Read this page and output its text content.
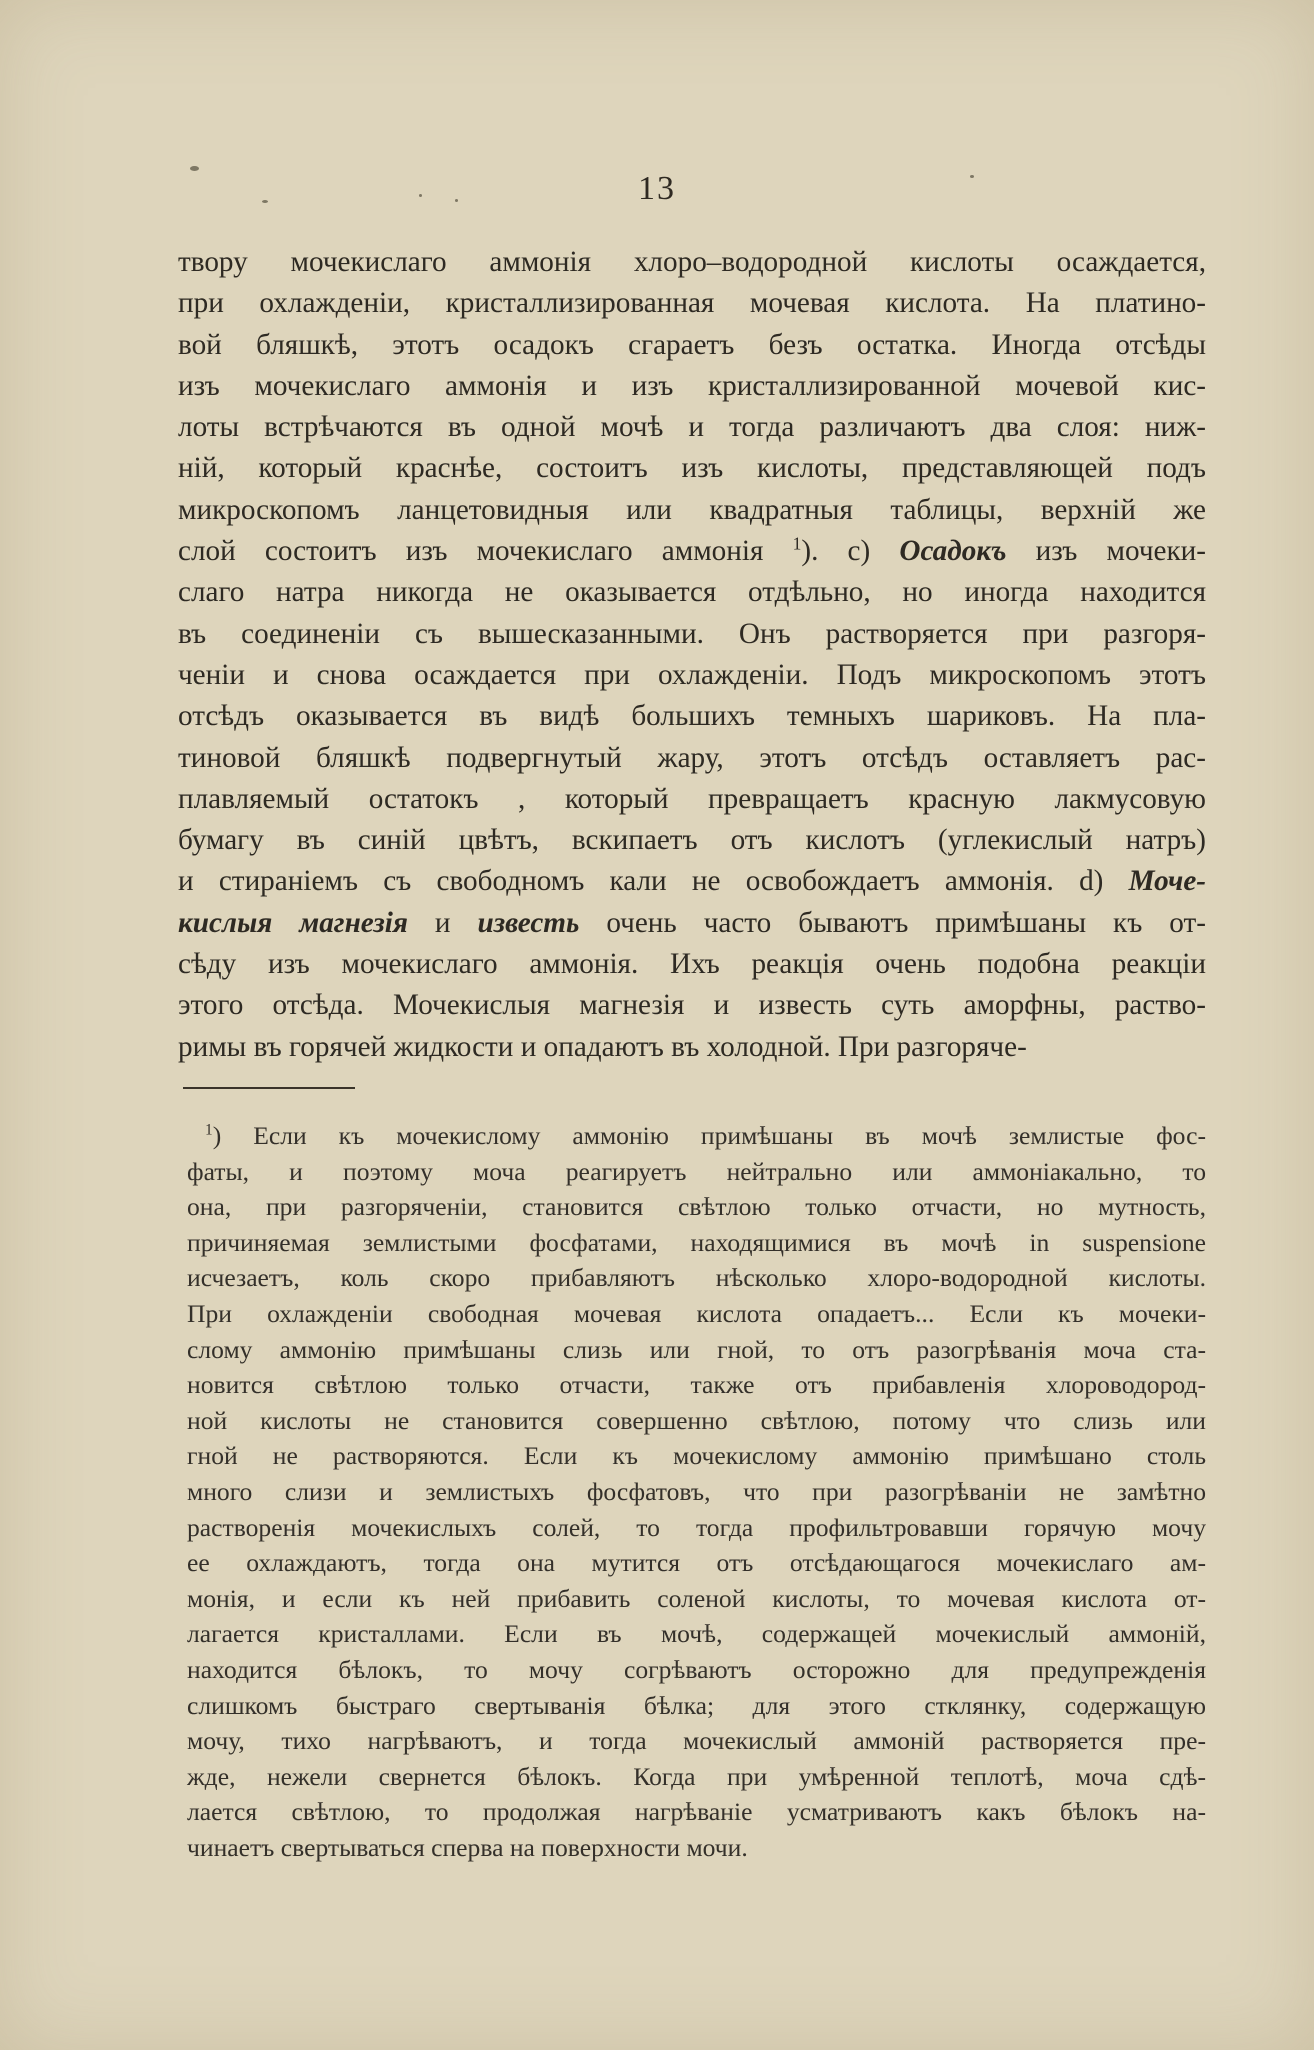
13
твору мочекислаго аммонія хлоро–водородной кислоты осаждается,
при охлажденіи, кристаллизированная мочевая кислота. На платино-
вой бляшкѣ, этотъ осадокъ сгараетъ безъ остатка. Иногда отсѣды
изъ мочекислаго аммонія и изъ кристаллизированной мочевой кис-
лоты встрѣчаются въ одной мочѣ и тогда различаютъ два слоя: ниж-
ній, который краснѣе, состоитъ изъ кислоты, представляющей подъ
микроскопомъ ланцетовидныя или квадратныя таблицы, верхній же
слой состоитъ изъ мочекислаго аммонія $^1$). с) Осадокъ изъ мочеки-
слаго натра никогда не оказывается отдѣльно, но иногда находится
въ соединеніи съ вышесказанными. Онъ растворяется при разгоря-
ченіи и снова осаждается при охлажденіи. Подъ микроскопомъ этотъ
отсѣдъ оказывается въ видѣ большихъ темныхъ шариковъ. На пла-
тиновой бляшкѣ подвергнутый жару, этотъ отсѣдъ оставляетъ рас-
плавляемый остатокъ , который превращаетъ красную лакмусовую
бумагу въ синій цвѣтъ, вскипаетъ отъ кислотъ (углекислый натръ)
и стираніемъ съ свободномъ кали не освобождаетъ аммонія. d) Моче-
кислыя магнезія и известь очень часто бываютъ примѣшаны къ от-
сѣду изъ мочекислаго аммонія. Ихъ реакція очень подобна реакціи
этого отсѣда. Мочекислыя магнезія и известь суть аморфны, раство-
римы въ горячей жидкости и опадаютъ въ холодной. При разгоряче-
$^1$) Если къ мочекислому аммонію примѣшаны въ мочѣ землистые фос-
фаты, и поэтому моча реагируетъ нейтрально или аммоніакально, то
она, при разгоряченіи, становится свѣтлою только отчасти, но мутность,
причиняемая землистыми фосфатами, находящимися въ мочѣ in suspensione
исчезаетъ, коль скоро прибавляютъ нѣсколько хлоро-водородной кислоты.
При охлажденіи свободная мочевая кислота опадаетъ... Если къ мочеки-
слому аммонію примѣшаны слизь или гной, то отъ разогрѣванія моча ста-
новится свѣтлою только отчасти, также отъ прибавленія хлороводород-
ной кислоты не становится совершенно свѣтлою, потому что слизь или
гной не растворяются. Если къ мочекислому аммонію примѣшано столь
много слизи и землистыхъ фосфатовъ, что при разогрѣваніи не замѣтно
растворенія мочекислыхъ солей, то тогда профильтровавши горячую мочу
ее охлаждаютъ, тогда она мутится отъ отсѣдающагося мочекислаго ам-
монія, и если къ ней прибавить соленой кислоты, то мочевая кислота от-
лагается кристаллами. Если въ мочѣ, содержащей мочекислый аммоній,
находится бѣлокъ, то мочу согрѣваютъ осторожно для предупрежденія
слишкомъ быстраго свертыванія бѣлка; для этого стклянку, содержащую
мочу, тихо нагрѣваютъ, и тогда мочекислый аммоній растворяется пре-
жде, нежели свернется бѣлокъ. Когда при умѣренной теплотѣ, моча сдѣ-
лается свѣтлою, то продолжая нагрѣваніе усматриваютъ какъ бѣлокъ на-
чинаетъ свертываться сперва на поверхности мочи.
